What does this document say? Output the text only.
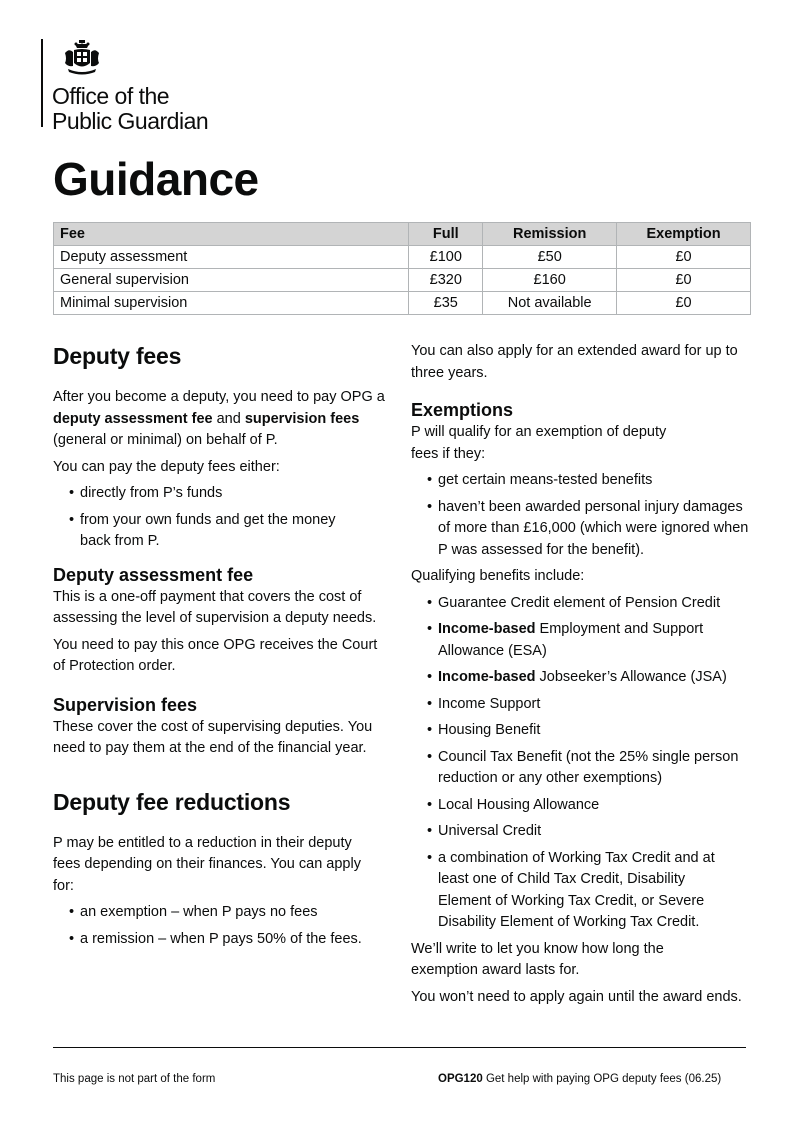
Office of the
Public Guardian
Guidance
Fee	Full	Remission	Exemption
Deputy assessment	£100	£50	£0
General supervision	£320	£160	£0
Minimal supervision	£35	Not available	£0
Deputy fees

After you become a deputy, you need to pay OPG a deputy assessment fee and supervision fees (general or minimal) on behalf of P.

You can pay the deputy fees either:

• directly from P’s funds
• from your own funds and get the money back from P.
Deputy assessment fee

This is a one-off payment that covers the cost of assessing the level of supervision a deputy needs.

You need to pay this once OPG receives the Court of Protection order.

Supervision fees

These cover the cost of supervising deputies. You need to pay them at the end of the financial year.

Deputy fee reductions

P may be entitled to a reduction in their deputy fees depending on their finances. You can apply for:

• an exemption – when P pays no fees
• a remission – when P pays 50% of the fees.

You can also apply for an extended award for up to three years.

Exemptions

P will qualify for an exemption of deputy fees if they:

• get certain means-tested benefits
• haven’t been awarded personal injury damages of more than £16,000 (which were ignored when P was assessed for the benefit).

Qualifying benefits include:

• Guarantee Credit element of Pension Credit
• Income-based Employment and Support Allowance (ESA)
• Income-based Jobseeker’s Allowance (JSA)
• Income Support
• Housing Benefit
• Council Tax Benefit (not the 25% single person reduction or any other exemptions)
• Local Housing Allowance
• Universal Credit
• a combination of Working Tax Credit and at least one of Child Tax Credit, Disability Element of Working Tax Credit, or Severe Disability Element of Working Tax Credit.

We’ll write to let you know how long the exemption award lasts for.

You won’t need to apply again until the award ends.

This page is not part of the form	OPG120 Get help with paying OPG deputy fees (06.25)
